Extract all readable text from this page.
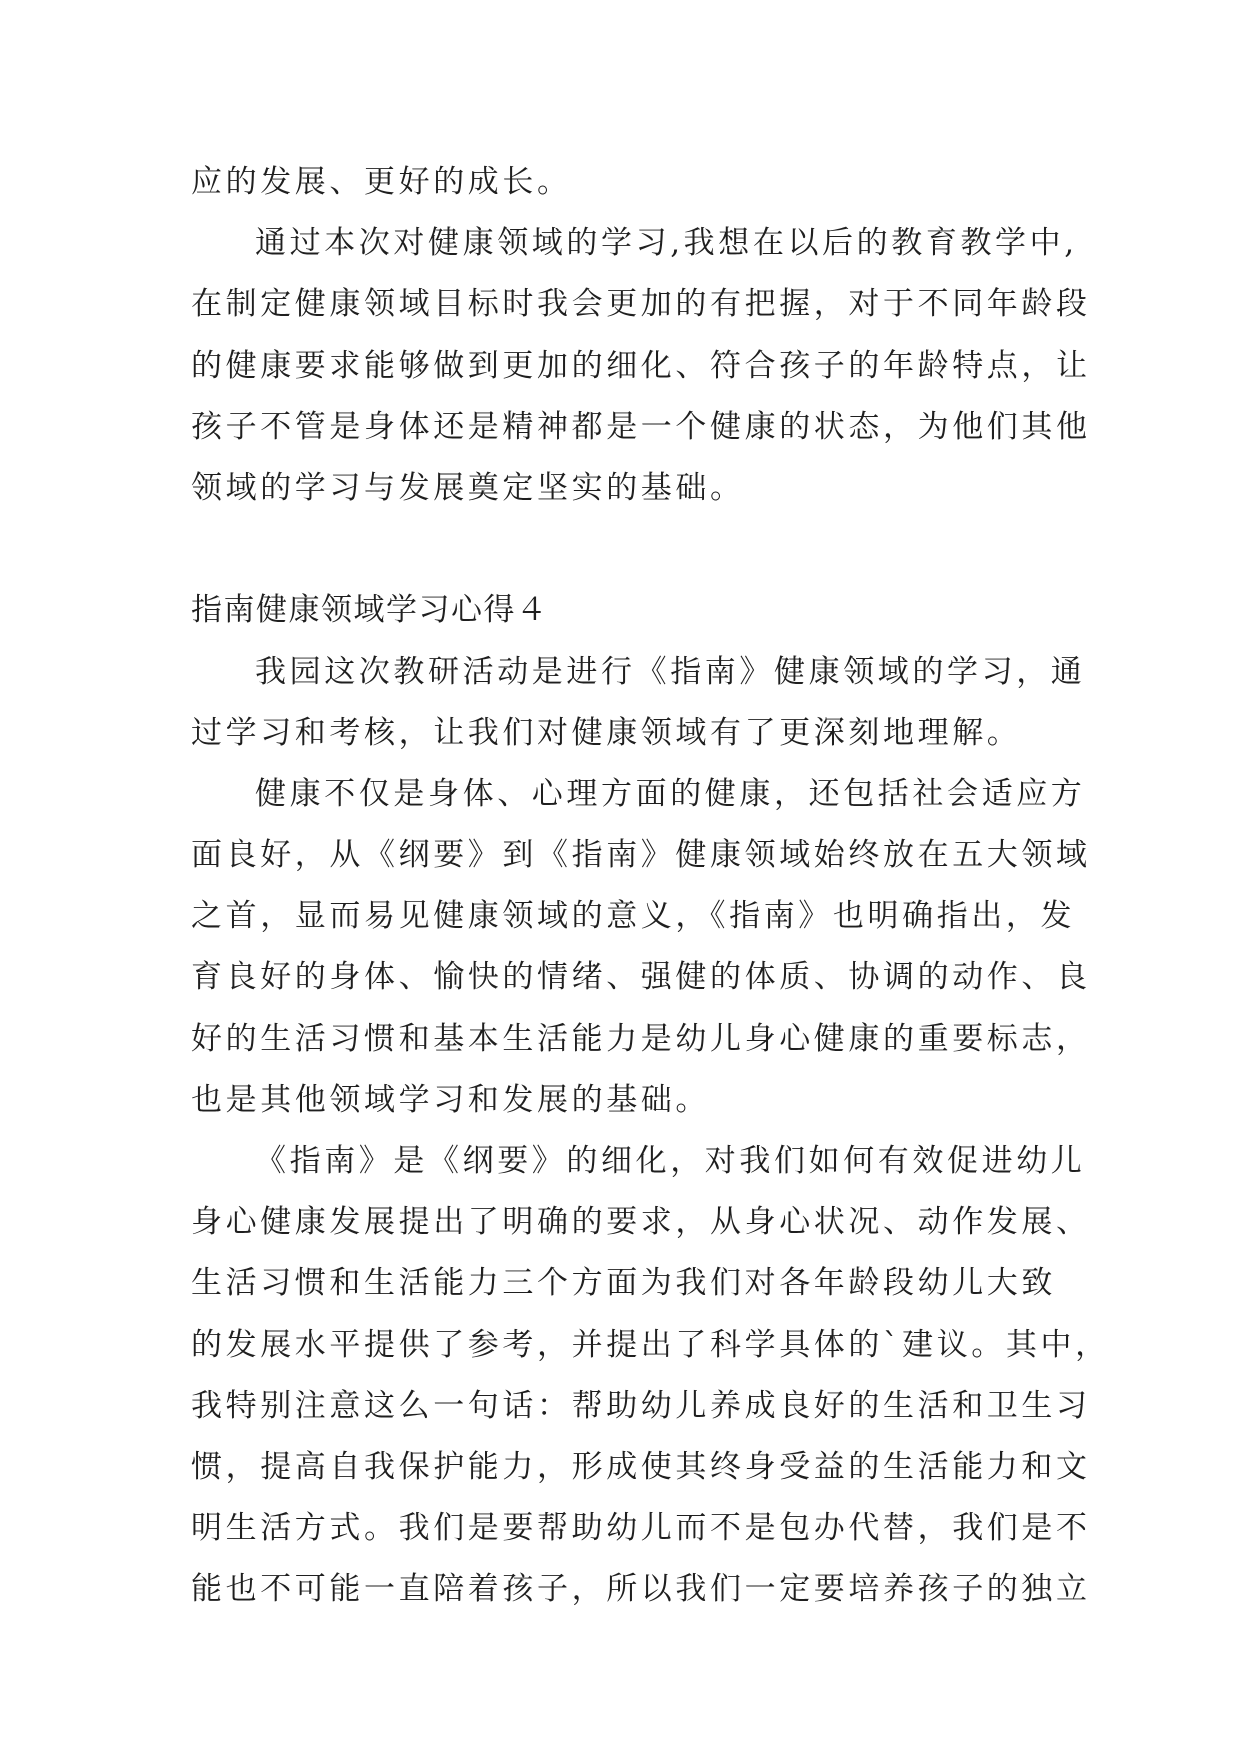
应的发展、更好的成长。
通过本次对健康领域的学习,我想在以后的教育教学中,
在制定健康领域目标时我会更加的有把握，对于不同年龄段
的健康要求能够做到更加的细化、符合孩子的年龄特点，让
孩子不管是身体还是精神都是一个健康的状态，为他们其他
领域的学习与发展奠定坚实的基础。
指南健康领域学习心得４
我园这次教研活动是进行《指南》健康领域的学习，通
过学习和考核，让我们对健康领域有了更深刻地理解。
健康不仅是身体、心理方面的健康，还包括社会适应方
面良好，从《纲要》到《指南》健康领域始终放在五大领域
之首，显而易见健康领域的意义，《指南》也明确指出，发
育良好的身体、愉快的情绪、强健的体质、协调的动作、良
好的生活习惯和基本生活能力是幼儿身心健康的重要标志，
也是其他领域学习和发展的基础。
《指南》是《纲要》的细化，对我们如何有效促进幼儿
身心健康发展提出了明确的要求，从身心状况、动作发展、
生活习惯和生活能力三个方面为我们对各年龄段幼儿大致
的发展水平提供了参考，并提出了科学具体的`建议。其中，
我特别注意这么一句话：帮助幼儿养成良好的生活和卫生习
惯，提高自我保护能力，形成使其终身受益的生活能力和文
明生活方式。我们是要帮助幼儿而不是包办代替，我们是不
能也不可能一直陪着孩子，所以我们一定要培养孩子的独立
